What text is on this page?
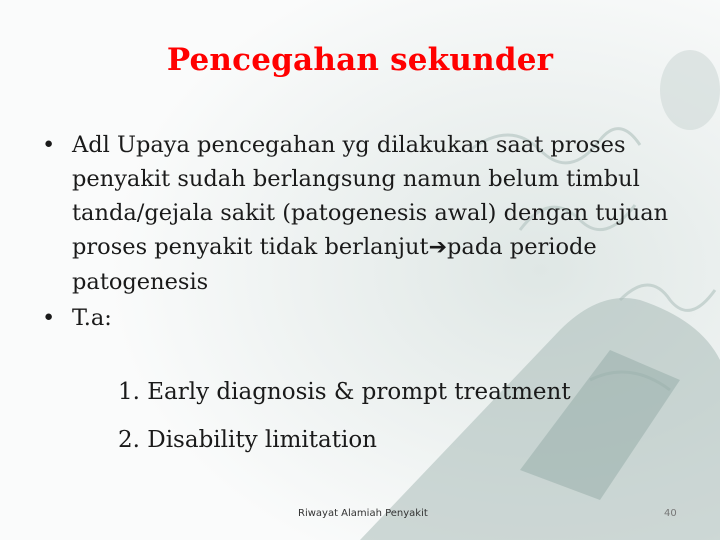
Pencegahan sekunder
• Adl Upaya pencegahan yg dilakukan saat proses penyakit sudah berlangsung namun belum timbul tanda/gejala sakit (patogenesis awal) dengan tujuan proses penyakit tidak berlanjut➔pada periode patogenesis
• T.a:
1. Early diagnosis & prompt treatment
2. Disability limitation
Riwayat Alamiah Penyakit	40
